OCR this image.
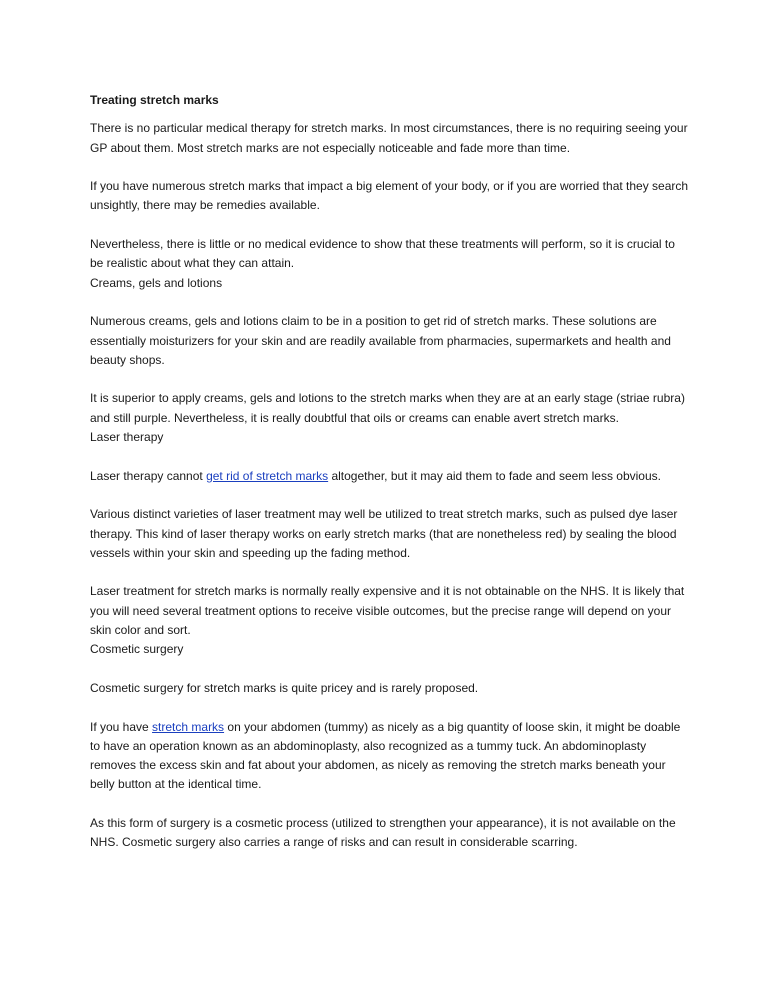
Treating stretch marks

There is no particular medical therapy for stretch marks. In most circumstances, there is no requiring seeing your GP about them. Most stretch marks are not especially noticeable and fade more than time.

If you have numerous stretch marks that impact a big element of your body, or if you are worried that they search unsightly, there may be remedies available.

Nevertheless, there is little or no medical evidence to show that these treatments will perform, so it is crucial to be realistic about what they can attain.

Creams, gels and lotions

Numerous creams, gels and lotions claim to be in a position to get rid of stretch marks. These solutions are essentially moisturizers for your skin and are readily available from pharmacies, supermarkets and health and beauty shops.

It is superior to apply creams, gels and lotions to the stretch marks when they are at an early stage (striae rubra) and still purple. Nevertheless, it is really doubtful that oils or creams can enable avert stretch marks.

Laser therapy

Laser therapy cannot get rid of stretch marks altogether, but it may aid them to fade and seem less obvious.

Various distinct varieties of laser treatment may well be utilized to treat stretch marks, such as pulsed dye laser therapy. This kind of laser therapy works on early stretch marks (that are nonetheless red) by sealing the blood vessels within your skin and speeding up the fading method.

Laser treatment for stretch marks is normally really expensive and it is not obtainable on the NHS. It is likely that you will need several treatment options to receive visible outcomes, but the precise range will depend on your skin color and sort.

Cosmetic surgery

Cosmetic surgery for stretch marks is quite pricey and is rarely proposed.

If you have stretch marks on your abdomen (tummy) as nicely as a big quantity of loose skin, it might be doable to have an operation known as an abdominoplasty, also recognized as a tummy tuck. An abdominoplasty removes the excess skin and fat about your abdomen, as nicely as removing the stretch marks beneath your belly button at the identical time.

As this form of surgery is a cosmetic process (utilized to strengthen your appearance), it is not available on the NHS. Cosmetic surgery also carries a range of risks and can result in considerable scarring.
